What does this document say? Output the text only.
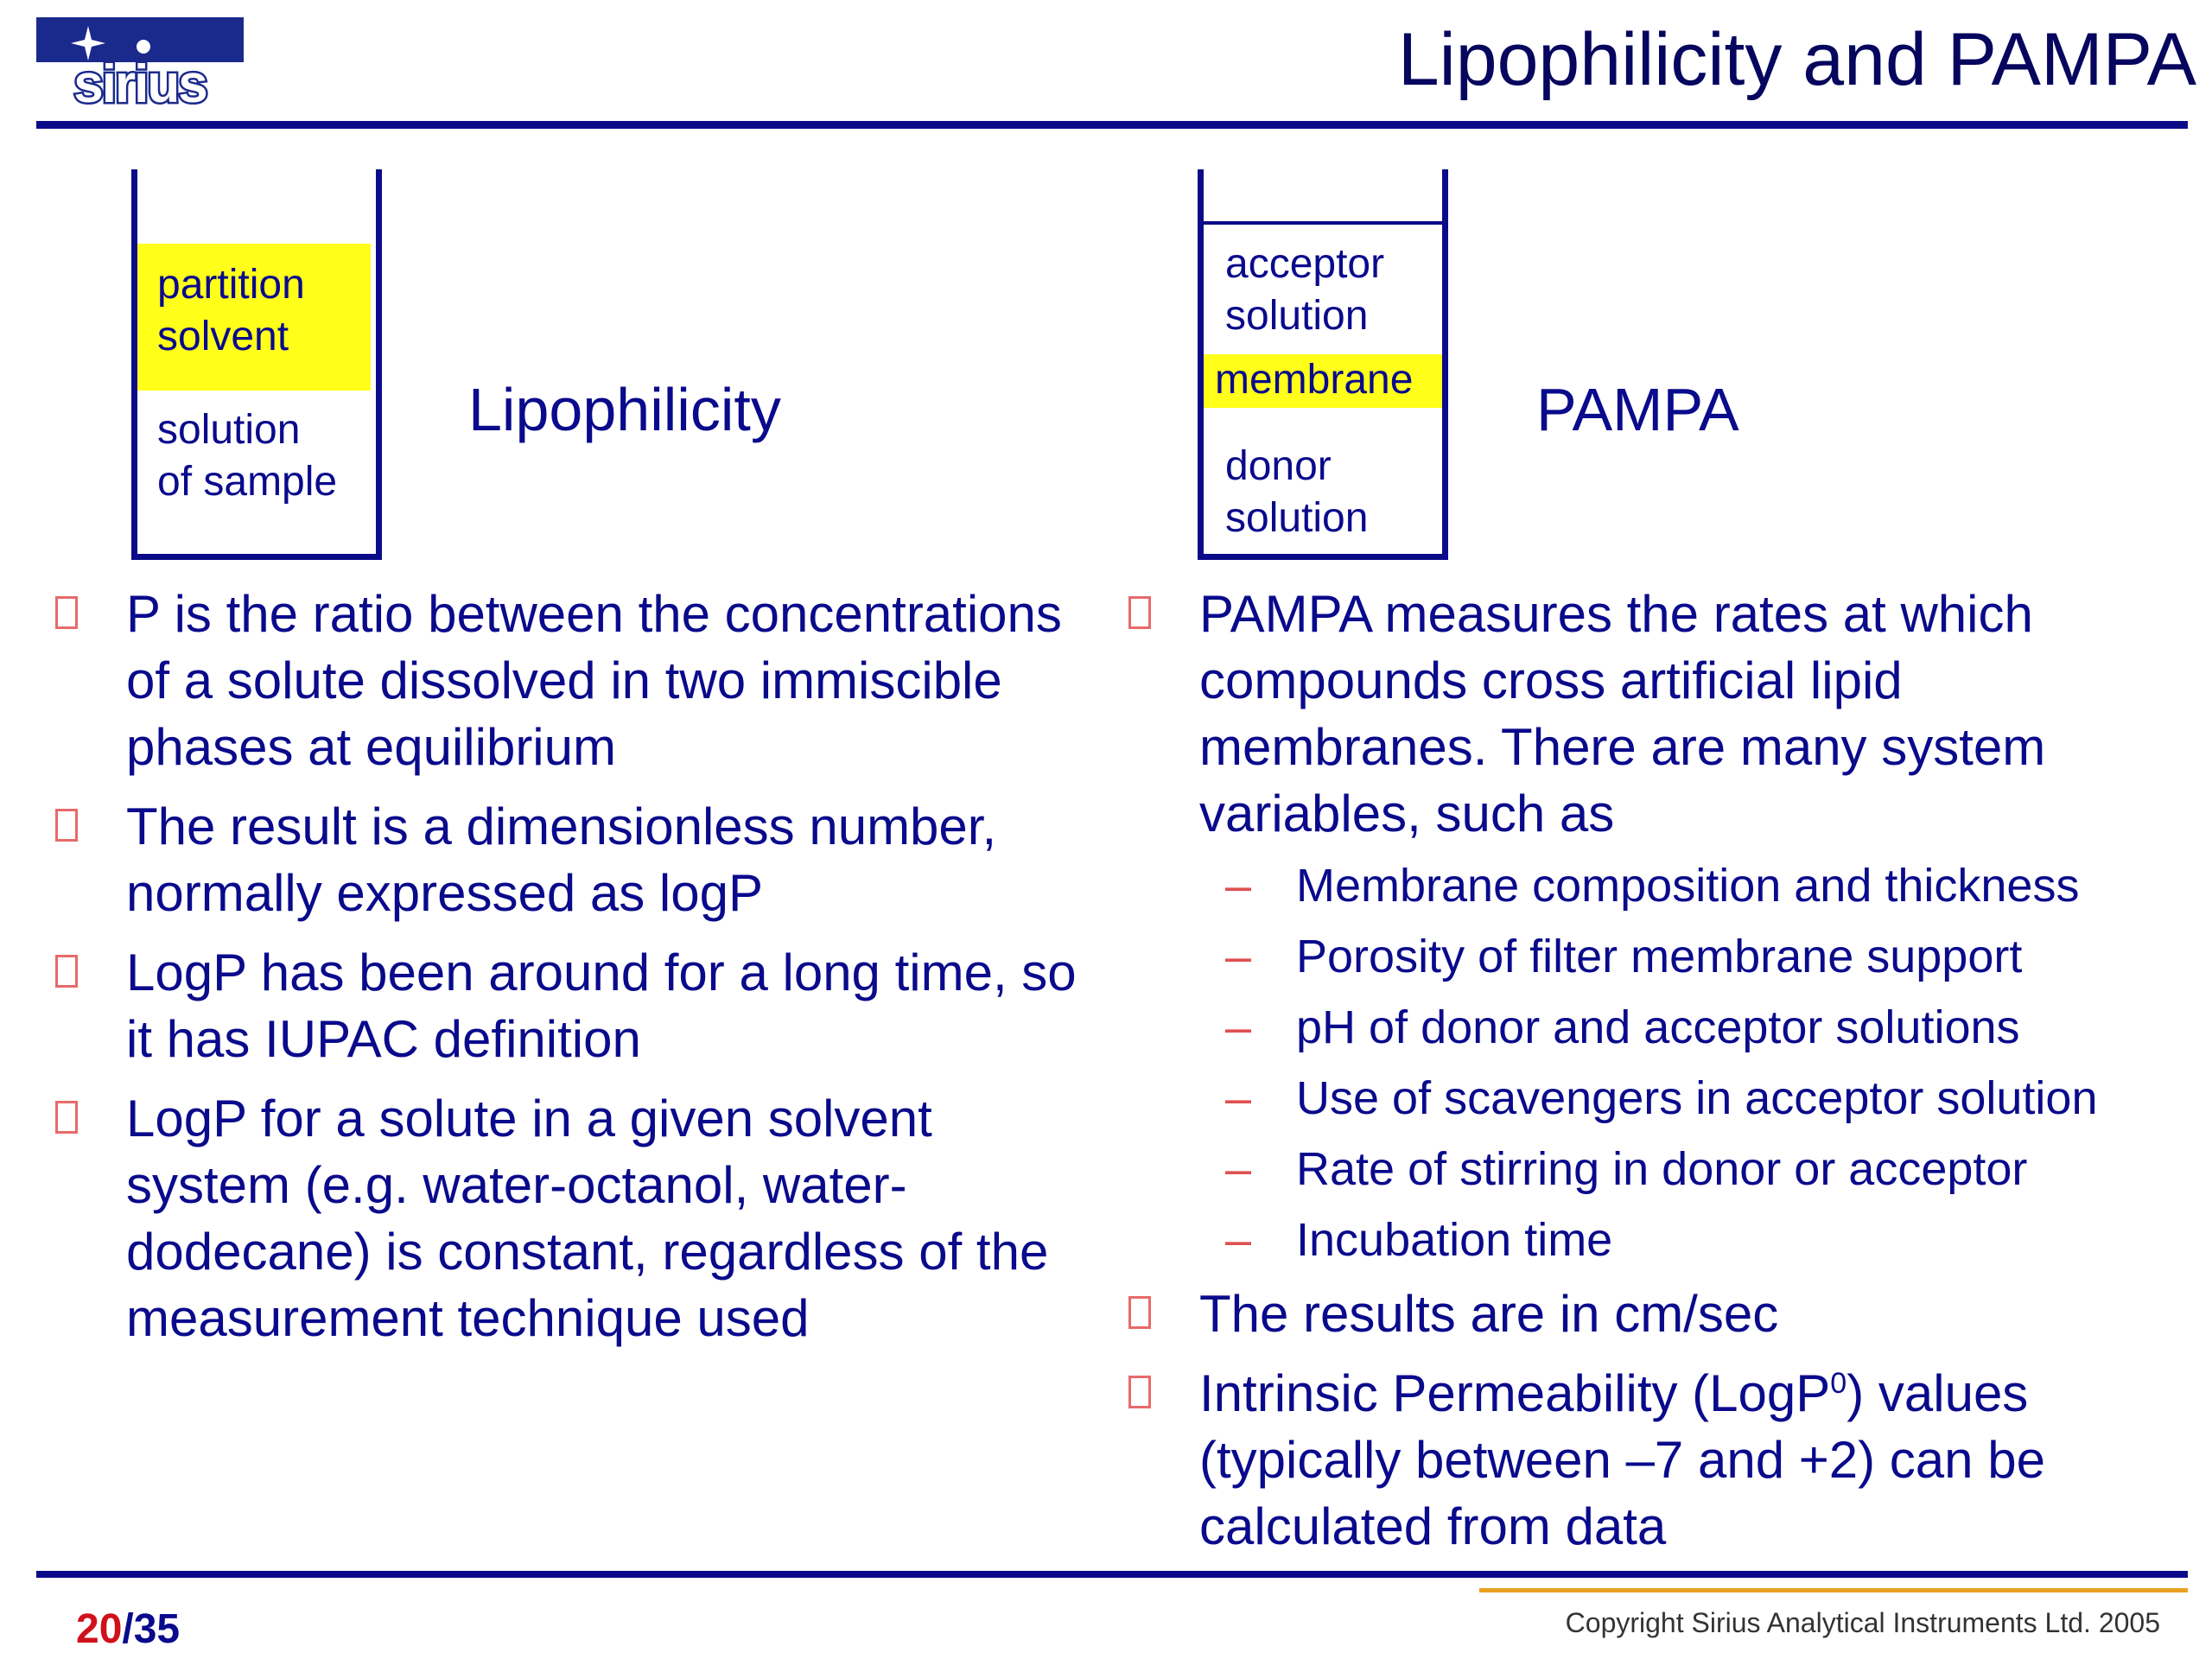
sirius	Lipophilicity and PAMPA
partition
solvent
solution
of sample
Lipophilicity
acceptor
solution
membrane
donor
solution
PAMPA
P is the ratio between the concentrations of a solute dissolved in two immiscible phases at equilibrium
The result is a dimensionless number, normally expressed as logP
LogP has been around for a long time, so it has IUPAC definition
LogP for a solute in a given solvent system (e.g. water-octanol, water-dodecane) is constant, regardless of the measurement technique used
PAMPA measures the rates at which compounds cross artificial lipid membranes. There are many system variables, such as
– Membrane composition and thickness
– Porosity of filter membrane support
– pH of donor and acceptor solutions
– Use of scavengers in acceptor solution
– Rate of stirring in donor or acceptor
– Incubation time
The results are in cm/sec
Intrinsic Permeability (LogP$^0$) values (typically between –7 and +2) can be calculated from data
20/35	Copyright Sirius Analytical Instruments Ltd. 2005
